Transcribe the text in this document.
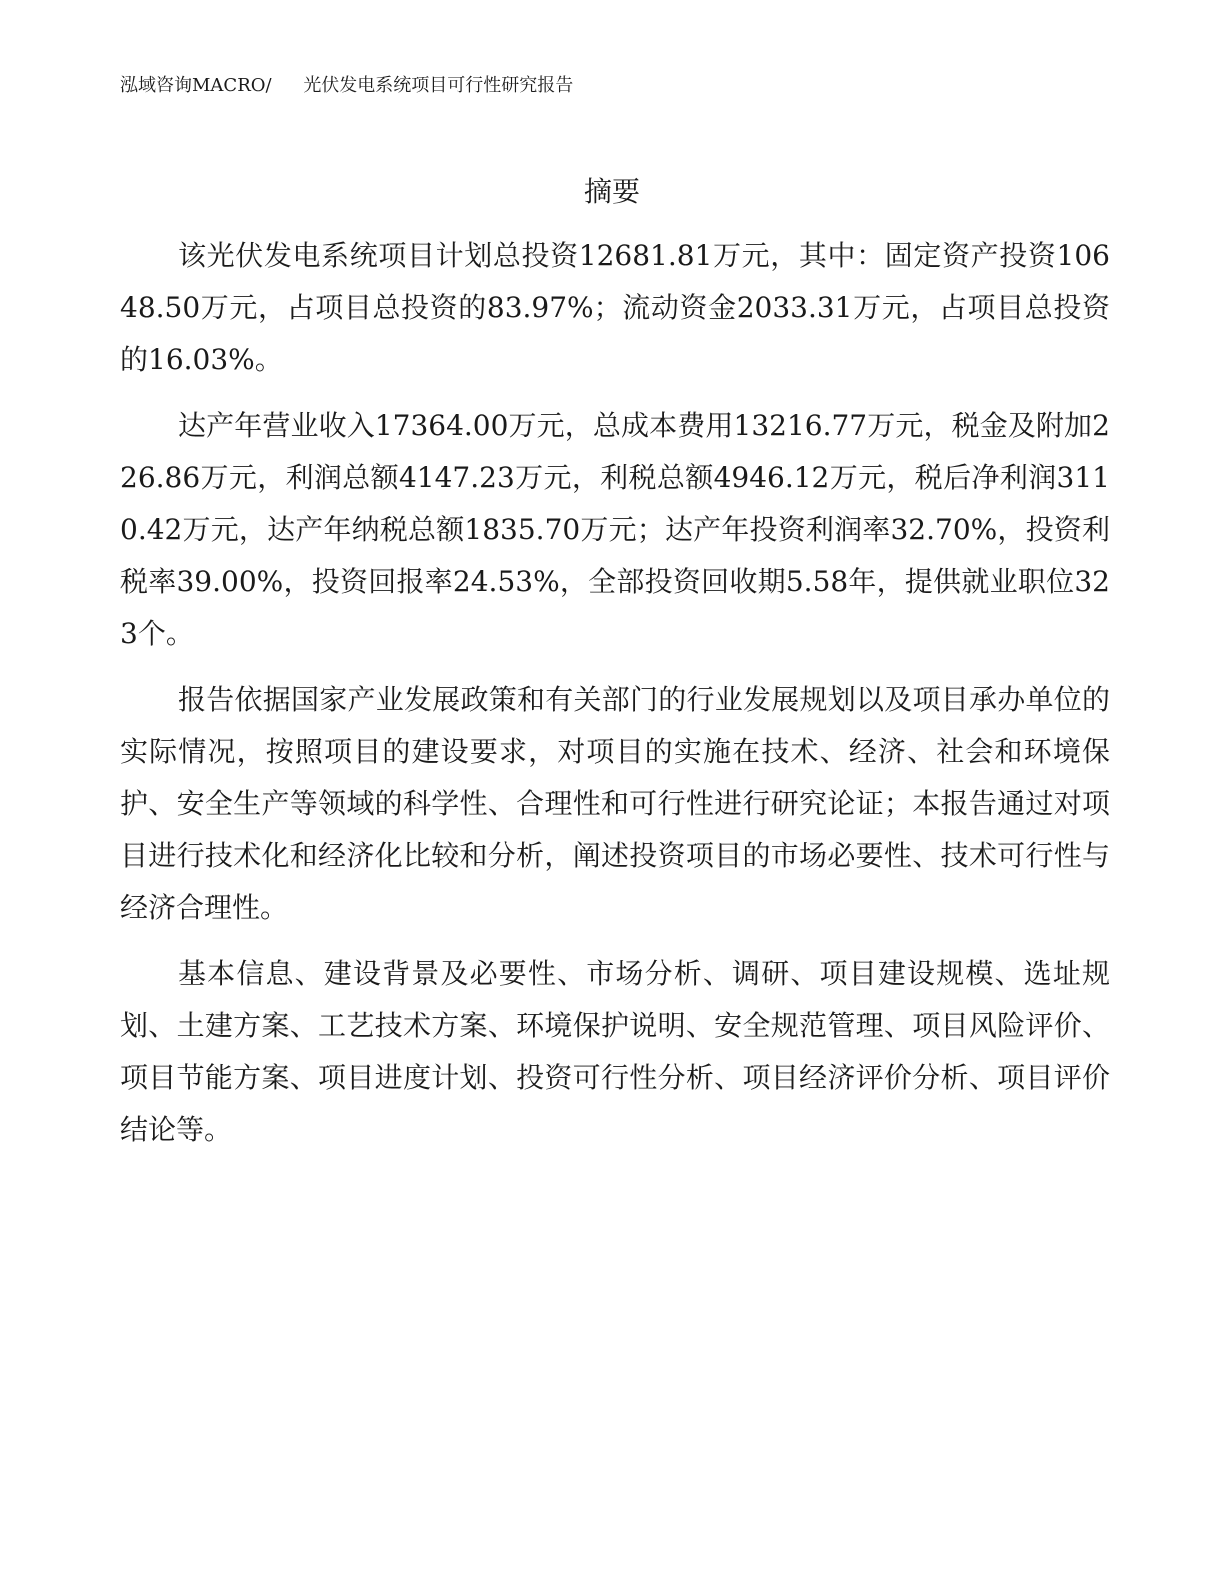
泓域咨询MACRO/ 光伏发电系统项目可行性研究报告
摘要

该光伏发电系统项目计划总投资12681.81万元，其中：固定资产投资10648.50万元，占项目总投资的83.97%；流动资金2033.31万元，占项目总投资的16.03%。

达产年营业收入17364.00万元，总成本费用13216.77万元，税金及附加226.86万元，利润总额4147.23万元，利税总额4946.12万元，税后净利润3110.42万元，达产年纳税总额1835.70万元；达产年投资利润率32.70%，投资利税率39.00%，投资回报率24.53%，全部投资回收期5.58年，提供就业职位323个。

报告依据国家产业发展政策和有关部门的行业发展规划以及项目承办单位的实际情况，按照项目的建设要求，对项目的实施在技术、经济、社会和环境保护、安全生产等领域的科学性、合理性和可行性进行研究论证；本报告通过对项目进行技术化和经济化比较和分析，阐述投资项目的市场必要性、技术可行性与经济合理性。

基本信息、建设背景及必要性、市场分析、调研、项目建设规模、选址规划、土建方案、工艺技术方案、环境保护说明、安全规范管理、项目风险评价、项目节能方案、项目进度计划、投资可行性分析、项目经济评价分析、项目评价结论等。
